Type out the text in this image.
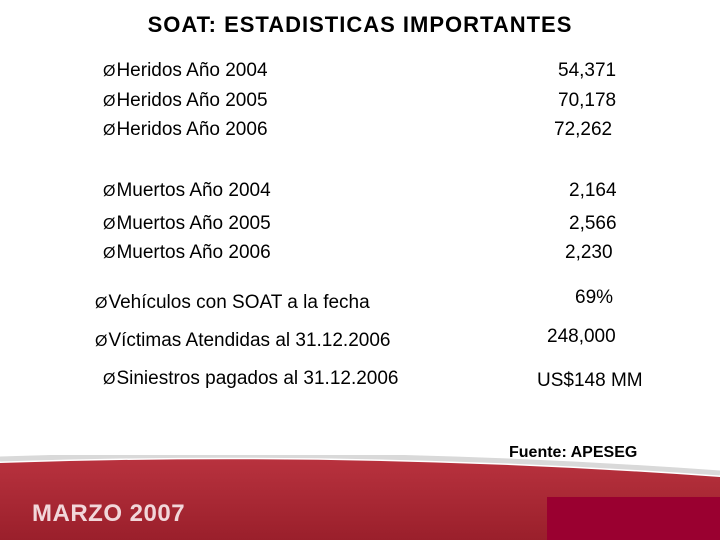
SOAT: ESTADISTICAS IMPORTANTES
ØHeridos Año 2004	54,371
ØHeridos Año 2005	70,178
ØHeridos Año 2006	72,262
ØMuertos Año 2004	2,164
ØMuertos Año 2005	2,566
ØMuertos Año 2006	2,230
ØVehículos con SOAT a la fecha	69%
ØVíctimas Atendidas al 31.12.2006	248,000
ØSiniestros pagados al 31.12.2006	US$148 MM
Fuente: APESEG
MARZO 2007
